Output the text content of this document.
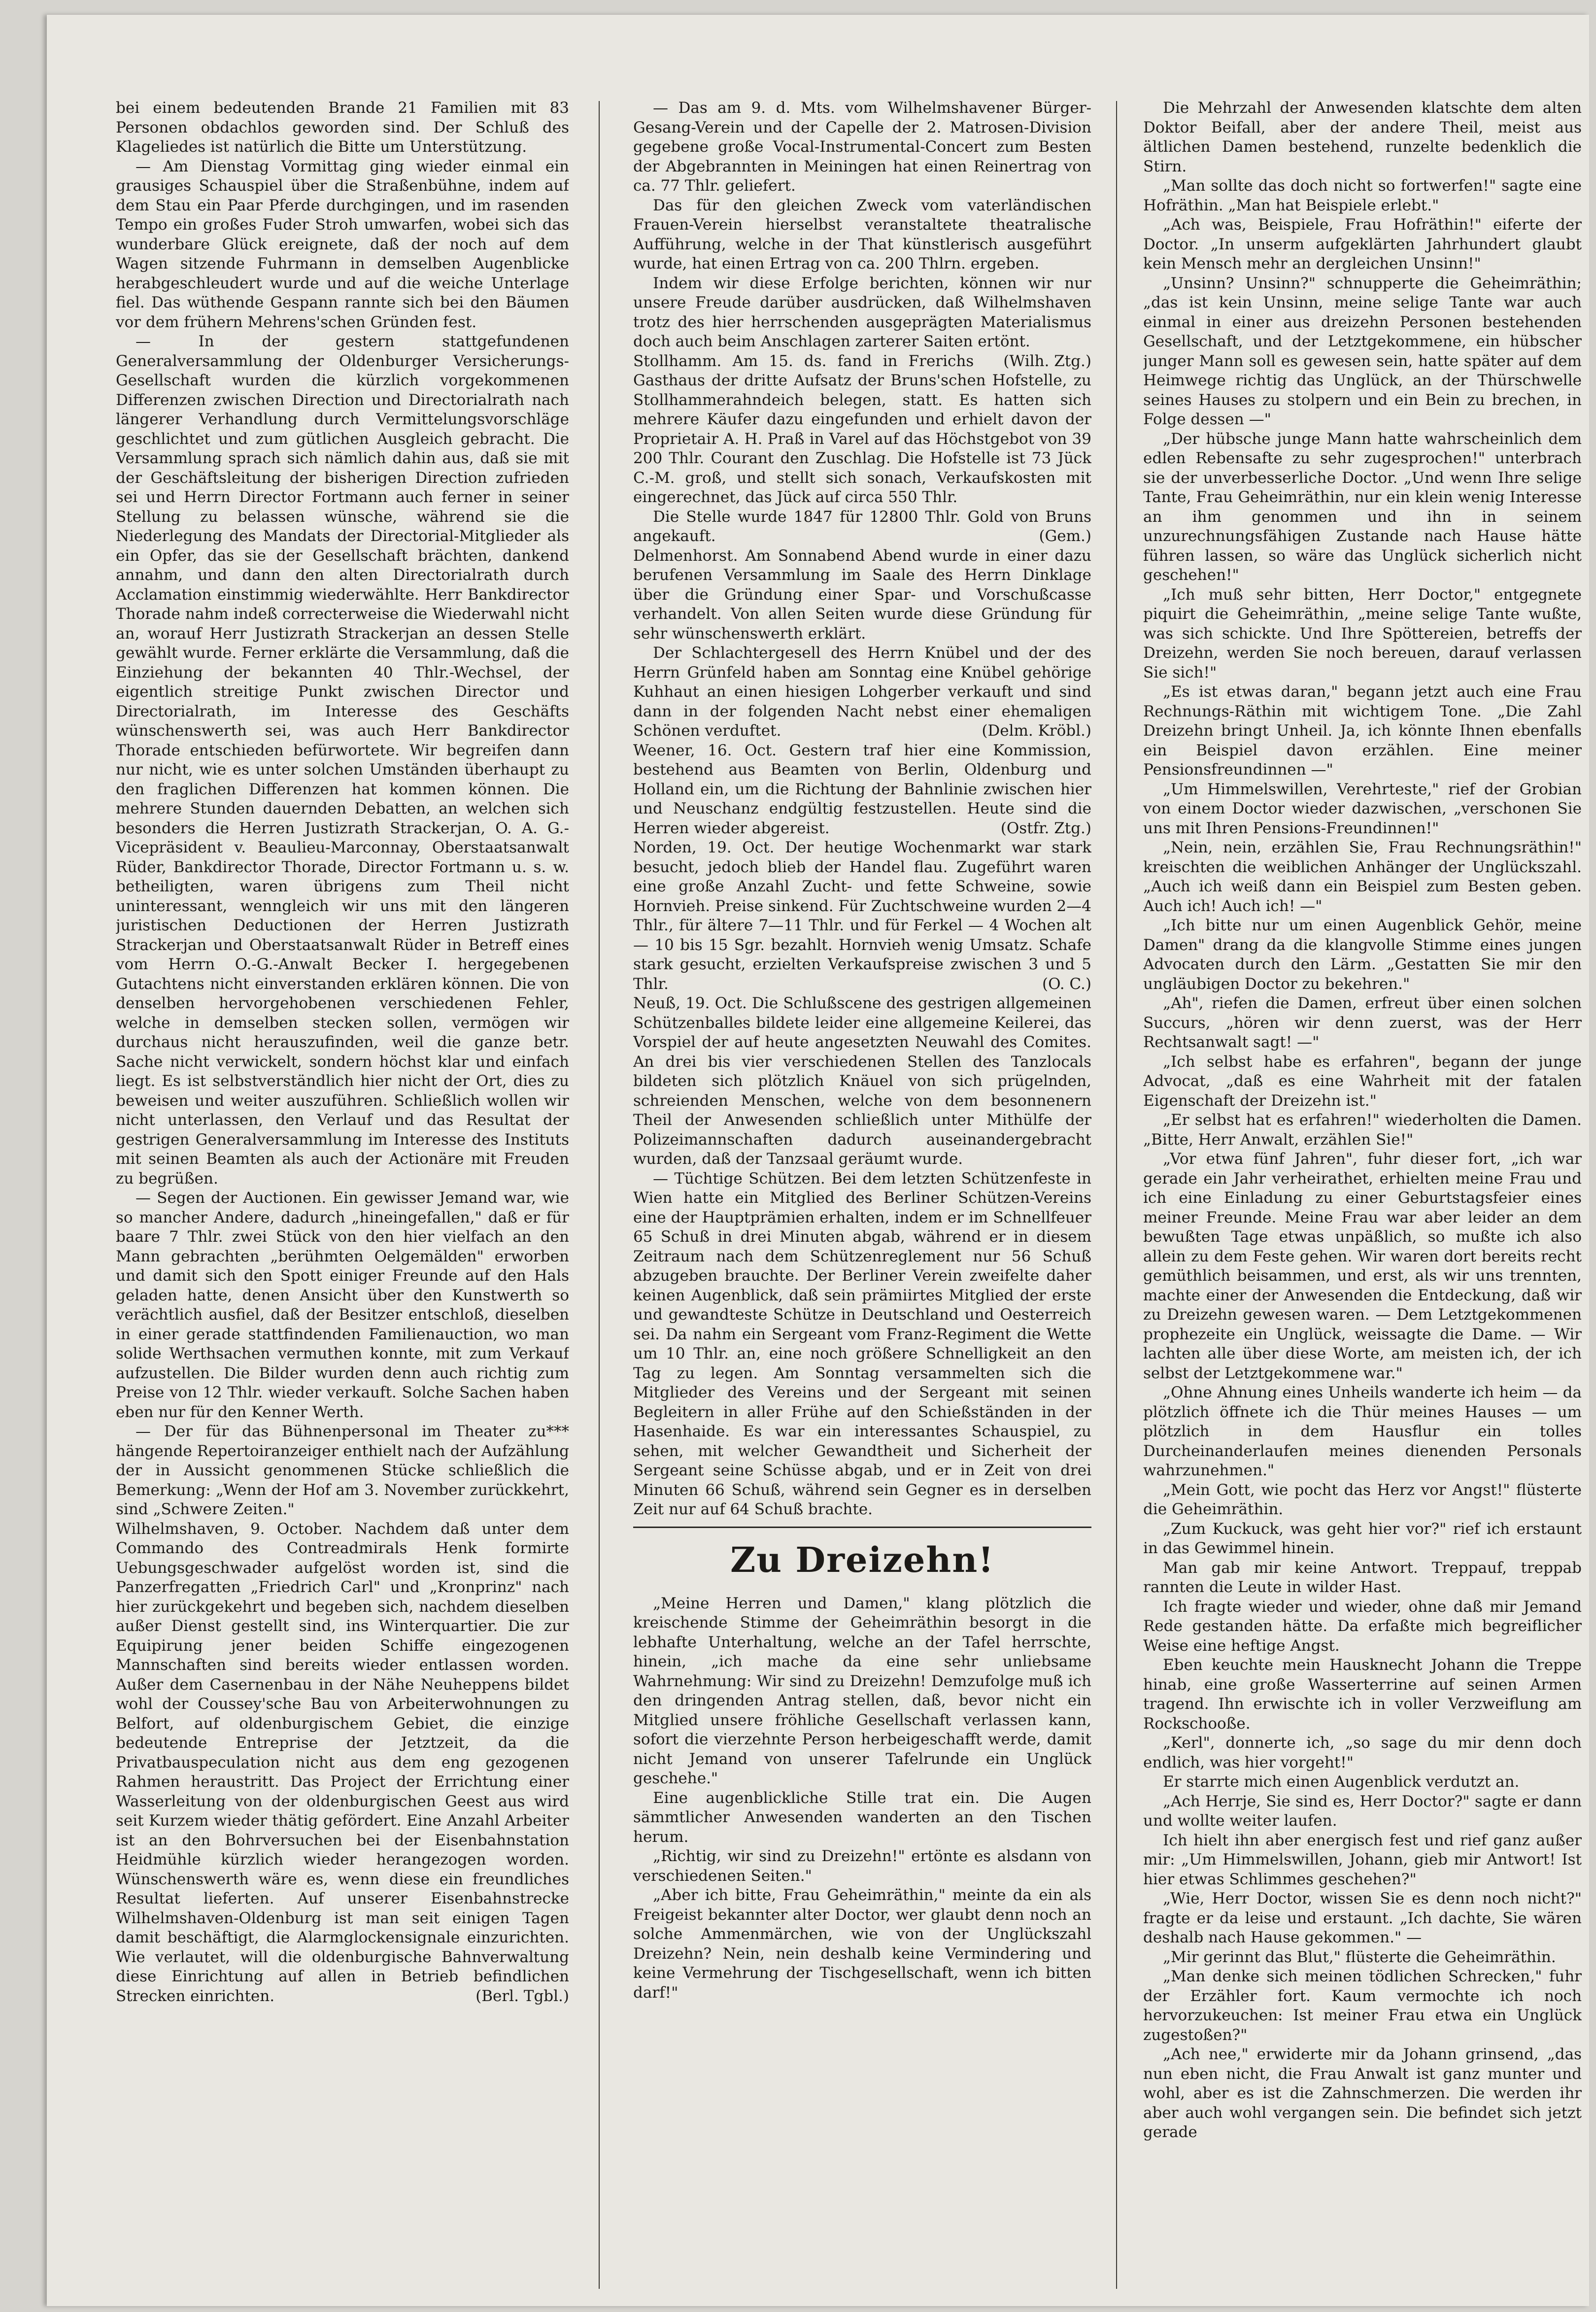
bei einem bedeutenden Brande 21 Familien mit 83 Personen obdachlos geworden sind. Der Schluß des Klageliedes ist natürlich die Bitte um Unterstützung.

— Am Dienstag Vormittag ging wieder einmal ein grausiges Schauspiel über die Straßenbühne, indem auf dem Stau ein Paar Pferde durchgingen, und im rasenden Tempo ein großes Fuder Stroh umwarfen, wobei sich das wunderbare Glück ereignete, daß der noch auf dem Wagen sitzende Fuhrmann in demselben Augenblicke herabgeschleudert wurde und auf die weiche Unterlage fiel. Das wüthende Gespann rannte sich bei den Bäumen vor dem frühern Mehrens'schen Gründen fest.

— In der gestern stattgefundenen Generalversammlung der Oldenburger Versicherungs-Gesellschaft wurden die kürzlich vorgekommenen Differenzen zwischen Direction und Directorialrath nach längerer Verhandlung durch Vermittelungsvorschläge geschlichtet und zum gütlichen Ausgleich gebracht. Die Versammlung sprach sich nämlich dahin aus, daß sie mit der Geschäftsleitung der bisherigen Direction zufrieden sei und Herrn Director Fortmann auch ferner in seiner Stellung zu belassen wünsche, während sie die Niederlegung des Mandats der Directorial-Mitglieder als ein Opfer, das sie der Gesellschaft brächten, dankend annahm, und dann den alten Directorialrath durch Acclamation einstimmig wiederwählte. Herr Bankdirector Thorade nahm indeß correcterweise die Wiederwahl nicht an, worauf Herr Justizrath Strackerjan an dessen Stelle gewählt wurde. Ferner erklärte die Versammlung, daß die Einziehung der bekannten 40 Thlr.-Wechsel, der eigentlich streitige Punkt zwischen Director und Directorialrath, im Interesse des Geschäfts wünschenswerth sei, was auch Herr Bankdirector Thorade entschieden befürwortete. Wir begreifen dann nur nicht, wie es unter solchen Umständen überhaupt zu den fraglichen Differenzen hat kommen können. Die mehrere Stunden dauernden Debatten, an welchen sich besonders die Herren Justizrath Strackerjan, O. A. G.-Vicepräsident v. Beaulieu-Marconnay, Oberstaatsanwalt Rüder, Bankdirector Thorade, Director Fortmann u. s. w. betheiligten, waren übrigens zum Theil nicht uninteressant, wenngleich wir uns mit den längeren juristischen Deductionen der Herren Justizrath Strackerjan und Oberstaatsanwalt Rüder in Betreff eines vom Herrn O.-G.-Anwalt Becker I. hergegebenen Gutachtens nicht einverstanden erklären können. Die von denselben hervorgehobenen verschiedenen Fehler, welche in demselben stecken sollen, vermögen wir durchaus nicht herauszufinden, weil die ganze betr. Sache nicht verwickelt, sondern höchst klar und einfach liegt. Es ist selbstverständlich hier nicht der Ort, dies zu beweisen und weiter auszuführen. Schließlich wollen wir nicht unterlassen, den Verlauf und das Resultat der gestrigen Generalversammlung im Interesse des Instituts mit seinen Beamten als auch der Actionäre mit Freuden zu begrüßen.

— Segen der Auctionen. Ein gewisser Jemand war, wie so mancher Andere, dadurch „hineingefallen," daß er für baare 7 Thlr. zwei Stück von den hier vielfach an den Mann gebrachten „berühmten Oelgemälden" erworben und damit sich den Spott einiger Freunde auf den Hals geladen hatte, denen Ansicht über den Kunstwerth so verächtlich ausfiel, daß der Besitzer entschloß, dieselben in einer gerade stattfindenden Familienauction, wo man solide Werthsachen vermuthen konnte, mit zum Verkauf aufzustellen. Die Bilder wurden denn auch richtig zum Preise von 12 Thlr. wieder verkauft. Solche Sachen haben eben nur für den Kenner Werth.

— Der für das Bühnenpersonal im Theater zu*** hängende Repertoiranzeiger enthielt nach der Aufzählung der in Aussicht genommenen Stücke schließlich die Bemerkung: „Wenn der Hof am 3. November zurückkehrt, sind „Schwere Zeiten."

Wilhelmshaven, 9. October. Nachdem daß unter dem Commando des Contreadmirals Henk formirte Uebungsgeschwader aufgelöst worden ist, sind die Panzerfregatten „Friedrich Carl" und „Kronprinz" nach hier zurückgekehrt und begeben sich, nachdem dieselben außer Dienst gestellt sind, ins Winterquartier. Die zur Equipirung jener beiden Schiffe eingezogenen Mannschaften sind bereits wieder entlassen worden. Außer dem Casernenbau in der Nähe Neuheppens bildet wohl der Coussey'sche Bau von Arbeiterwohnungen zu Belfort, auf oldenburgischem Gebiet, die einzige bedeutende Entreprise der Jetztzeit, da die Privatbauspeculation nicht aus dem eng gezogenen Rahmen heraustritt. Das Project der Errichtung einer Wasserleitung von der oldenburgischen Geest aus wird seit Kurzem wieder thätig gefördert. Eine Anzahl Arbeiter ist an den Bohrversuchen bei der Eisenbahnstation Heidmühle kürzlich wieder herangezogen worden. Wünschenswerth wäre es, wenn diese ein freundliches Resultat lieferten. Auf unserer Eisenbahnstrecke Wilhelmshaven-Oldenburg ist man seit einigen Tagen damit beschäftigt, die Alarmglockensignale einzurichten. Wie verlautet, will die oldenburgische Bahnverwaltung diese Einrichtung auf allen in Betrieb befindlichen Strecken einrichten.	(Berl. Tgbl.)

— Das am 9. d. Mts. vom Wilhelmshavener Bürger-Gesang-Verein und der Capelle der 2. Matrosen-Division gegebene große Vocal-Instrumental-Concert zum Besten der Abgebrannten in Meiningen hat einen Reinertrag von ca. 77 Thlr. geliefert.

Das für den gleichen Zweck vom vaterländischen Frauen-Verein hierselbst veranstaltete theatralische Aufführung, welche in der That künstlerisch ausgeführt wurde, hat einen Ertrag von ca. 200 Thlrn. ergeben.

Indem wir diese Erfolge berichten, können wir nur unsere Freude darüber ausdrücken, daß Wilhelmshaven trotz des hier herrschenden ausgeprägten Materialismus doch auch beim Anschlagen zarterer Saiten ertönt.
(Wilh. Ztg.)

Stollhamm. Am 15. ds. fand in Frerichs Gasthaus der dritte Aufsatz der Bruns'schen Hofstelle, zu Stollhammerahndeich belegen, statt. Es hatten sich mehrere Käufer dazu eingefunden und erhielt davon der Proprietair A. H. Praß in Varel auf das Höchstgebot von 39 200 Thlr. Courant den Zuschlag. Die Hofstelle ist 73 Jück C.-M. groß, und stellt sich sonach, Verkaufskosten mit eingerechnet, das Jück auf circa 550 Thlr.

Die Stelle wurde 1847 für 12800 Thlr. Gold von Bruns angekauft.	(Gem.)

Delmenhorst. Am Sonnabend Abend wurde in einer dazu berufenen Versammlung im Saale des Herrn Dinklage über die Gründung einer Spar- und Vorschußcasse verhandelt. Von allen Seiten wurde diese Gründung für sehr wünschenswerth erklärt.

Der Schlachtergesell des Herrn Knübel und der des Herrn Grünfeld haben am Sonntag eine Knübel gehörige Kuhhaut an einen hiesigen Lohgerber verkauft und sind dann in der folgenden Nacht nebst einer ehemaligen Schönen verduftet.	(Delm. Kröbl.)

Weener, 16. Oct. Gestern traf hier eine Kommission, bestehend aus Beamten von Berlin, Oldenburg und Holland ein, um die Richtung der Bahnlinie zwischen hier und Neuschanz endgültig festzustellen. Heute sind die Herren wieder abgereist.	(Ostfr. Ztg.)

Norden, 19. Oct. Der heutige Wochenmarkt war stark besucht, jedoch blieb der Handel flau. Zugeführt waren eine große Anzahl Zucht- und fette Schweine, sowie Hornvieh. Preise sinkend. Für Zuchtschweine wurden 2—4 Thlr., für ältere 7—11 Thlr. und für Ferkel — 4 Wochen alt — 10 bis 15 Sgr. bezahlt. Hornvieh wenig Umsatz. Schafe stark gesucht, erzielten Verkaufspreise zwischen 3 und 5 Thlr.	(O. C.)

Neuß, 19. Oct. Die Schlußscene des gestrigen allgemeinen Schützenballes bildete leider eine allgemeine Keilerei, das Vorspiel der auf heute angesetzten Neuwahl des Comites. An drei bis vier verschiedenen Stellen des Tanzlocals bildeten sich plötzlich Knäuel von sich prügelnden, schreienden Menschen, welche von dem besonnenern Theil der Anwesenden schließlich unter Mithülfe der Polizeimannschaften dadurch auseinandergebracht wurden, daß der Tanzsaal geräumt wurde.

— Tüchtige Schützen. Bei dem letzten Schützenfeste in Wien hatte ein Mitglied des Berliner Schützen-Vereins eine der Hauptprämien erhalten, indem er im Schnellfeuer 65 Schuß in drei Minuten abgab, während er in diesem Zeitraum nach dem Schützenreglement nur 56 Schuß abzugeben brauchte. Der Berliner Verein zweifelte daher keinen Augenblick, daß sein prämiirtes Mitglied der erste und gewandteste Schütze in Deutschland und Oesterreich sei. Da nahm ein Sergeant vom Franz-Regiment die Wette um 10 Thlr. an, eine noch größere Schnelligkeit an den Tag zu legen. Am Sonntag versammelten sich die Mitglieder des Vereins und der Sergeant mit seinen Begleitern in aller Frühe auf den Schießständen in der Hasenhaide. Es war ein interessantes Schauspiel, zu sehen, mit welcher Gewandtheit und Sicherheit der Sergeant seine Schüsse abgab, und er in Zeit von drei Minuten 66 Schuß, während sein Gegner es in derselben Zeit nur auf 64 Schuß brachte.

Zu Dreizehn!

„Meine Herren und Damen," klang plötzlich die kreischende Stimme der Geheimräthin besorgt in die lebhafte Unterhaltung, welche an der Tafel herrschte, hinein, „ich mache da eine sehr unliebsame Wahrnehmung: Wir sind zu Dreizehn! Demzufolge muß ich den dringenden Antrag stellen, daß, bevor nicht ein Mitglied unsere fröhliche Gesellschaft verlassen kann, sofort die vierzehnte Person herbeigeschafft werde, damit nicht Jemand von unserer Tafelrunde ein Unglück geschehe."

Eine augenblickliche Stille trat ein. Die Augen sämmtlicher Anwesenden wanderten an den Tischen herum.

„Richtig, wir sind zu Dreizehn!" ertönte es alsdann von verschiedenen Seiten."

„Aber ich bitte, Frau Geheimräthin," meinte da ein als Freigeist bekannter alter Doctor, wer glaubt denn noch an solche Ammenmärchen, wie von der Unglückszahl Dreizehn? Nein, nein deshalb keine Vermindering und keine Vermehrung der Tischgesellschaft, wenn ich bitten darf!"

Die Mehrzahl der Anwesenden klatschte dem alten Doktor Beifall, aber der andere Theil, meist aus ältlichen Damen bestehend, runzelte bedenklich die Stirn.

„Man sollte das doch nicht so fortwerfen!" sagte eine Hofräthin. „Man hat Beispiele erlebt."

„Ach was, Beispiele, Frau Hofräthin!" eiferte der Doctor. „In unserm aufgeklärten Jahrhundert glaubt kein Mensch mehr an dergleichen Unsinn!"

„Unsinn? Unsinn?" schnupperte die Geheimräthin; „das ist kein Unsinn, meine selige Tante war auch einmal in einer aus dreizehn Personen bestehenden Gesellschaft, und der Letztgekommene, ein hübscher junger Mann soll es gewesen sein, hatte später auf dem Heimwege richtig das Unglück, an der Thürschwelle seines Hauses zu stolpern und ein Bein zu brechen, in Folge dessen —"

„Der hübsche junge Mann hatte wahrscheinlich dem edlen Rebensafte zu sehr zugesprochen!" unterbrach sie der unverbesserliche Doctor. „Und wenn Ihre selige Tante, Frau Geheimräthin, nur ein klein wenig Interesse an ihm genommen und ihn in seinem unzurechnungsfähigen Zustande nach Hause hätte führen lassen, so wäre das Unglück sicherlich nicht geschehen!"

„Ich muß sehr bitten, Herr Doctor," entgegnete piquirt die Geheimräthin, „meine selige Tante wußte, was sich schickte. Und Ihre Spöttereien, betreffs der Dreizehn, werden Sie noch bereuen, darauf verlassen Sie sich!"

„Es ist etwas daran," begann jetzt auch eine Frau Rechnungs-Räthin mit wichtigem Tone. „Die Zahl Dreizehn bringt Unheil. Ja, ich könnte Ihnen ebenfalls ein Beispiel davon erzählen. Eine meiner Pensionsfreundinnen —"

„Um Himmelswillen, Verehrteste," rief der Grobian von einem Doctor wieder dazwischen, „verschonen Sie uns mit Ihren Pensions-Freundinnen!"

„Nein, nein, erzählen Sie, Frau Rechnungsräthin!" kreischten die weiblichen Anhänger der Unglückszahl. „Auch ich weiß dann ein Beispiel zum Besten geben. Auch ich! Auch ich! —"

„Ich bitte nur um einen Augenblick Gehör, meine Damen" drang da die klangvolle Stimme eines jungen Advocaten durch den Lärm. „Gestatten Sie mir den ungläubigen Doctor zu bekehren."

„Ah", riefen die Damen, erfreut über einen solchen Succurs, „hören wir denn zuerst, was der Herr Rechtsanwalt sagt! —"

„Ich selbst habe es erfahren", begann der junge Advocat, „daß es eine Wahrheit mit der fatalen Eigenschaft der Dreizehn ist."

„Er selbst hat es erfahren!" wiederholten die Damen. „Bitte, Herr Anwalt, erzählen Sie!"

„Vor etwa fünf Jahren", fuhr dieser fort, „ich war gerade ein Jahr verheirathet, erhielten meine Frau und ich eine Einladung zu einer Geburtstagsfeier eines meiner Freunde. Meine Frau war aber leider an dem bewußten Tage etwas unpäßlich, so mußte ich also allein zu dem Feste gehen. Wir waren dort bereits recht gemüthlich beisammen, und erst, als wir uns trennten, machte einer der Anwesenden die Entdeckung, daß wir zu Dreizehn gewesen waren. — Dem Letztgekommenen prophezeite ein Unglück, weissagte die Dame. — Wir lachten alle über diese Worte, am meisten ich, der ich selbst der Letztgekommene war."

„Ohne Ahnung eines Unheils wanderte ich heim — da plötzlich öffnete ich die Thür meines Hauses — um plötzlich in dem Hausflur ein tolles Durcheinanderlaufen meines dienenden Personals wahrzunehmen."

„Mein Gott, wie pocht das Herz vor Angst!" flüsterte die Geheimräthin.

„Zum Kuckuck, was geht hier vor?" rief ich erstaunt in das Gewimmel hinein.

Man gab mir keine Antwort. Treppauf, treppab rannten die Leute in wilder Hast.

Ich fragte wieder und wieder, ohne daß mir Jemand Rede gestanden hätte. Da erfaßte mich begreiflicher Weise eine heftige Angst.

Eben keuchte mein Hausknecht Johann die Treppe hinab, eine große Wasserterrine auf seinen Armen tragend. Ihn erwischte ich in voller Verzweiflung am Rockschooße.

„Kerl", donnerte ich, „so sage du mir denn doch endlich, was hier vorgeht!"

Er starrte mich einen Augenblick verdutzt an.

„Ach Herrje, Sie sind es, Herr Doctor?" sagte er dann und wollte weiter laufen.

Ich hielt ihn aber energisch fest und rief ganz außer mir: „Um Himmelswillen, Johann, gieb mir Antwort! Ist hier etwas Schlimmes geschehen?"

„Wie, Herr Doctor, wissen Sie es denn noch nicht?" fragte er da leise und erstaunt. „Ich dachte, Sie wären deshalb nach Hause gekommen." —

„Mir gerinnt das Blut," flüsterte die Geheimräthin.

„Man denke sich meinen tödlichen Schrecken," fuhr der Erzähler fort. Kaum vermochte ich noch hervorzukeuchen: Ist meiner Frau etwa ein Unglück zugestoßen?"

„Ach nee," erwiderte mir da Johann grinsend, „das nun eben nicht, die Frau Anwalt ist ganz munter und wohl, aber es ist die Zahnschmerzen. Die werden ihr aber auch wohl vergangen sein. Die befindet sich jetzt gerade
